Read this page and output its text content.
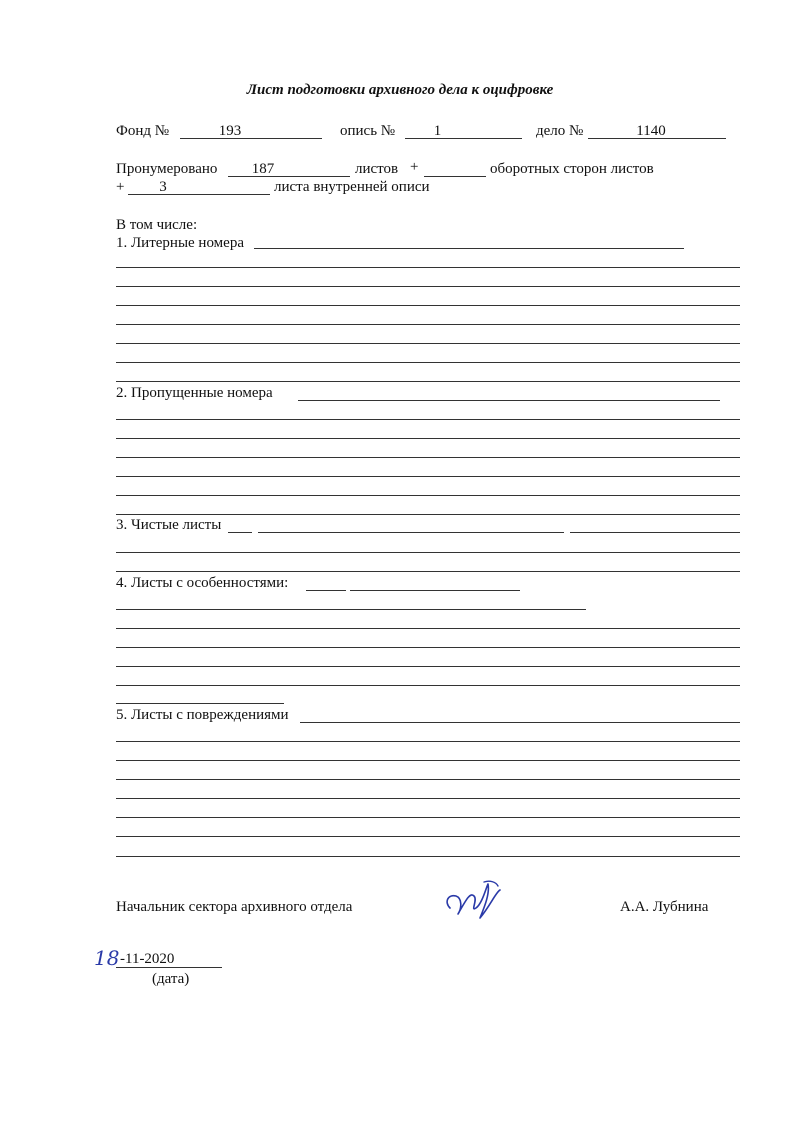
Лист подготовки архивного дела к оцифровке
Фонд №	193	опись №	1	дело №	1140
Пронумеровано	187	листов +	оборотных сторон листов
+	3	листа внутренней описи
В том числе:
1. Литерные номера
2. Пропущенные номера
3. Чистые листы
4. Листы с особенностями:
5. Листы с повреждениями
Начальник сектора архивного отдела	А.А. Лубнина
18 -11-2020
(дата)
